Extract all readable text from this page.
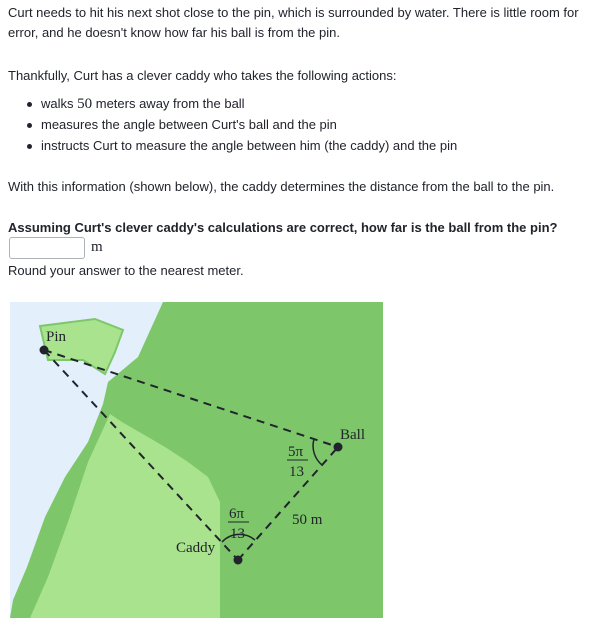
Curt needs to hit his next shot close to the pin, which is surrounded by water. There is little room for error, and he doesn't know how far his ball is from the pin.

Thankfully, Curt has a clever caddy who takes the following actions:

walks 50 meters away from the ball
measures the angle between Curt's ball and the pin
instructs Curt to measure the angle between him (the caddy) and the pin

With this information (shown below), the caddy determines the distance from the ball to the pin.

Assuming Curt's clever caddy's calculations are correct, how far is the ball from the pin?

m

Round your answer to the nearest meter.

Pin
Ball
Caddy
50 m
5π
13
6π
13
